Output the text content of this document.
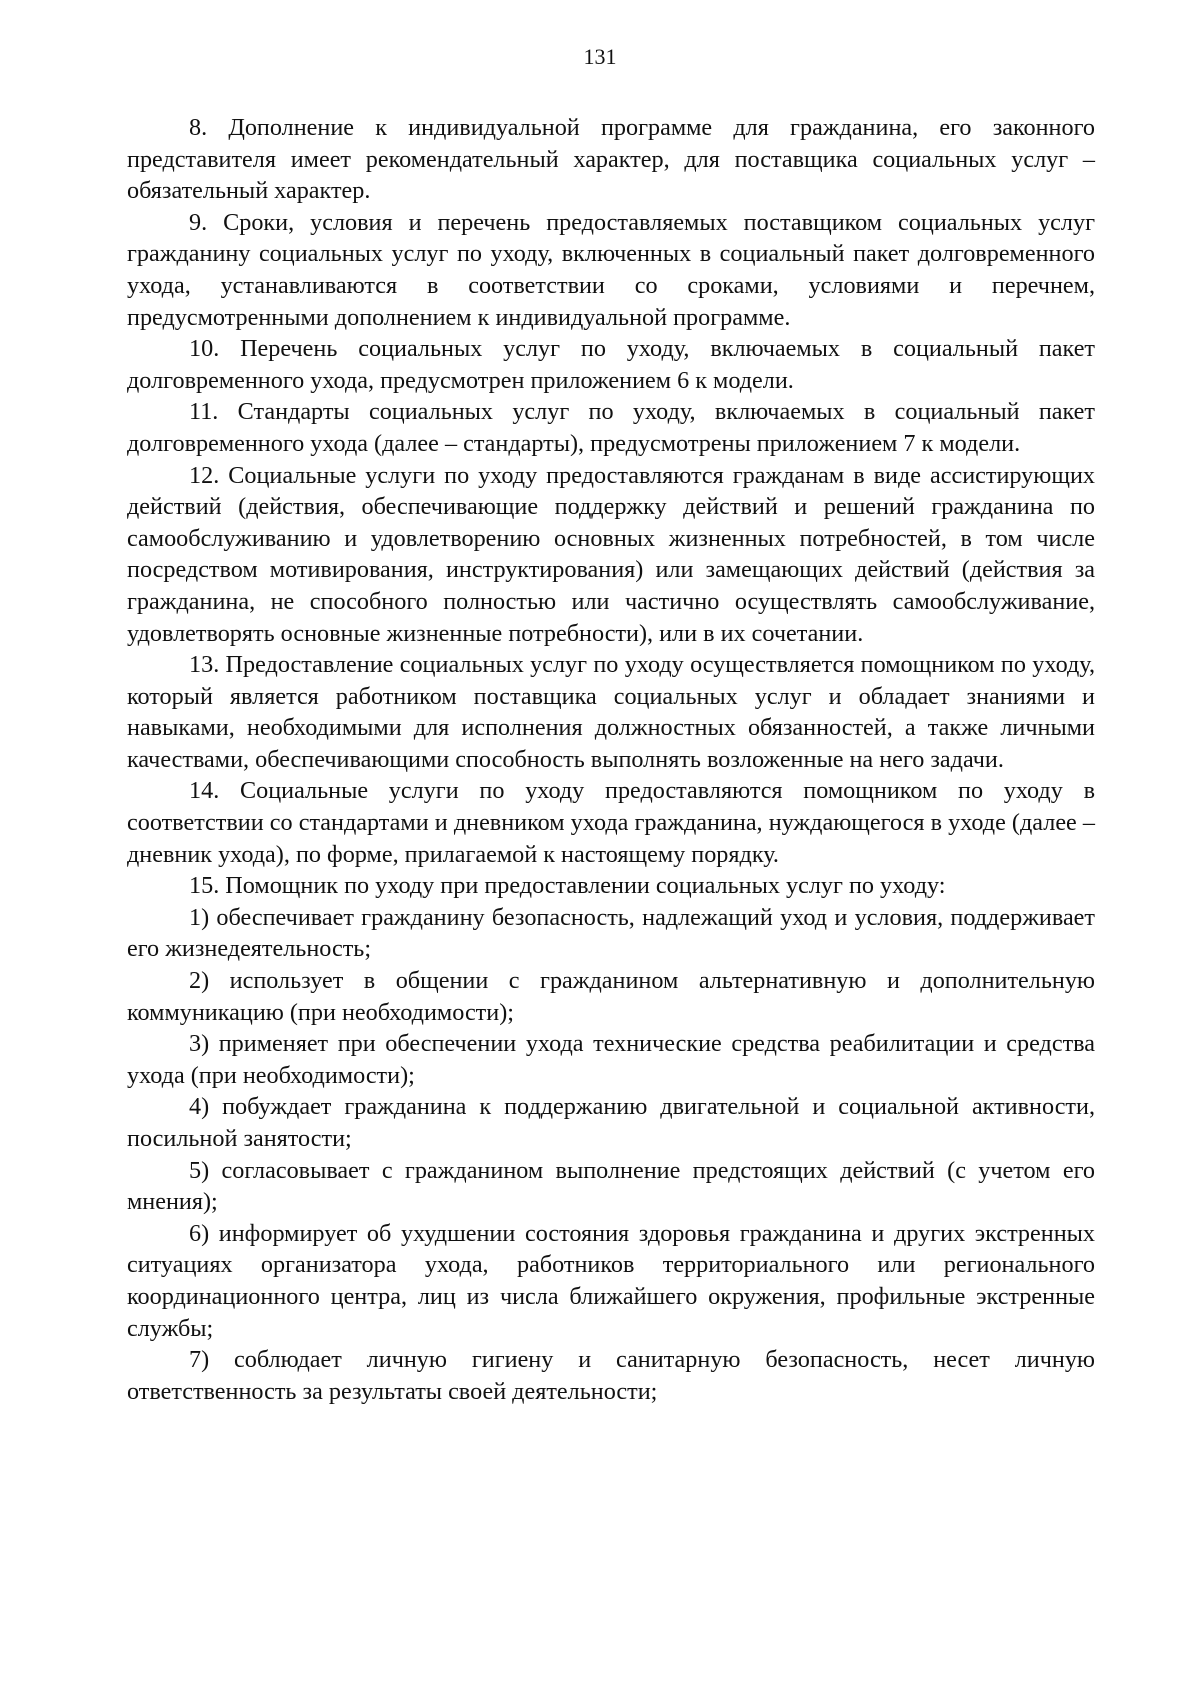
131

8. Дополнение к индивидуальной программе для гражданина, его законного представителя имеет рекомендательный характер, для поставщика социальных услуг – обязательный характер.

9. Сроки, условия и перечень предоставляемых поставщиком социальных услуг гражданину социальных услуг по уходу, включенных в социальный пакет долговременного ухода, устанавливаются в соответствии со сроками, условиями и перечнем, предусмотренными дополнением к индивидуальной программе.

10. Перечень социальных услуг по уходу, включаемых в социальный пакет долговременного ухода, предусмотрен приложением 6 к модели.

11. Стандарты социальных услуг по уходу, включаемых в социальный пакет долговременного ухода (далее – стандарты), предусмотрены приложением 7 к модели.

12. Социальные услуги по уходу предоставляются гражданам в виде ассистирующих действий (действия, обеспечивающие поддержку действий и решений гражданина по самообслуживанию и удовлетворению основных жизненных потребностей, в том числе посредством мотивирования, инструктирования) или замещающих действий (действия за гражданина, не способного полностью или частично осуществлять самообслуживание, удовлетворять основные жизненные потребности), или в их сочетании.

13. Предоставление социальных услуг по уходу осуществляется помощником по уходу, который является работником поставщика социальных услуг и обладает знаниями и навыками, необходимыми для исполнения должностных обязанностей, а также личными качествами, обеспечивающими способность выполнять возложенные на него задачи.

14. Социальные услуги по уходу предоставляются помощником по уходу в соответствии со стандартами и дневником ухода гражданина, нуждающегося в уходе (далее – дневник ухода), по форме, прилагаемой к настоящему порядку.

15. Помощник по уходу при предоставлении социальных услуг по уходу:

1) обеспечивает гражданину безопасность, надлежащий уход и условия, поддерживает его жизнедеятельность;

2) использует в общении с гражданином альтернативную и дополнительную коммуникацию (при необходимости);

3) применяет при обеспечении ухода технические средства реабилитации и средства ухода (при необходимости);

4) побуждает гражданина к поддержанию двигательной и социальной активности, посильной занятости;

5) согласовывает с гражданином выполнение предстоящих действий (с учетом его мнения);

6) информирует об ухудшении состояния здоровья гражданина и других экстренных ситуациях организатора ухода, работников территориального или регионального координационного центра, лиц из числа ближайшего окружения, профильные экстренные службы;

7) соблюдает личную гигиену и санитарную безопасность, несет личную ответственность за результаты своей деятельности;
